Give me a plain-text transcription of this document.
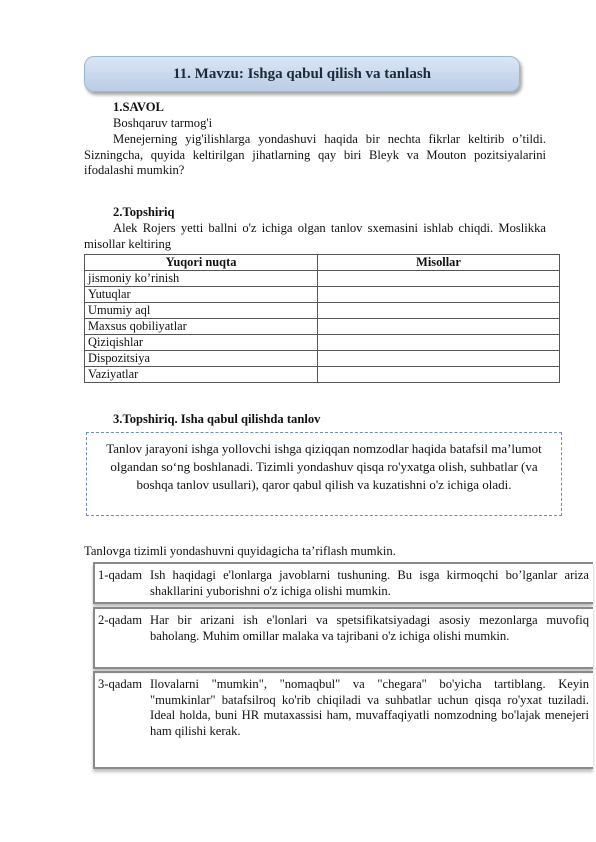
11. Mavzu: Ishga qabul qilish va tanlash
1.SAVOL
Boshqaruv tarmog'i
Menejerning yig'ilishlarga yondashuvi haqida bir nechta fikrlar keltirib o’tildi. Sizningcha, quyida keltirilgan jihatlarning qay biri Bleyk va Mouton pozitsiyalarini ifodalashi mumkin?
2.Topshiriq
Alek Rojers yetti ballni o'z ichiga olgan tanlov sxemasini ishlab chiqdi. Moslikka misollar keltiring
Yuqori nuqta	Misollar
jismoniy ko’rinish	
Yutuqlar	
Umumiy aql	
Maxsus qobiliyatlar	
Qiziqishlar	
Dispozitsiya	
Vaziyatlar	
3.Topshiriq. Isha qabul qilishda tanlov
Tanlov jarayoni ishga yollovchi ishga qiziqqan nomzodlar haqida batafsil ma’lumot olgandan so‘ng boshlanadi. Tizimli yondashuv qisqa ro'yxatga olish, suhbatlar (va boshqa tanlov usullari), qaror qabul qilish va kuzatishni o'z ichiga oladi.
Tanlovga tizimli yondashuvni quyidagicha ta’riflash mumkin.
1-qadam Ish haqidagi e'lonlarga javoblarni tushuning. Bu isga kirmoqchi bo’lganlar ariza shakllarini yuborishni o'z ichiga olishi mumkin.
2-qadam Har bir arizani ish e'lonlari va spetsifikatsiyadagi asosiy mezonlarga muvofiq baholang. Muhim omillar malaka va tajribani o'z ichiga olishi mumkin.
3-qadam Ilovalarni "mumkin", "nomaqbul" va "chegara" bo'yicha tartiblang. Keyin "mumkinlar" batafsilroq ko'rib chiqiladi va suhbatlar uchun qisqa ro'yxat tuziladi. Ideal holda, buni HR mutaxassisi ham, muvaffaqiyatli nomzodning bo'lajak menejeri ham qilishi kerak.
